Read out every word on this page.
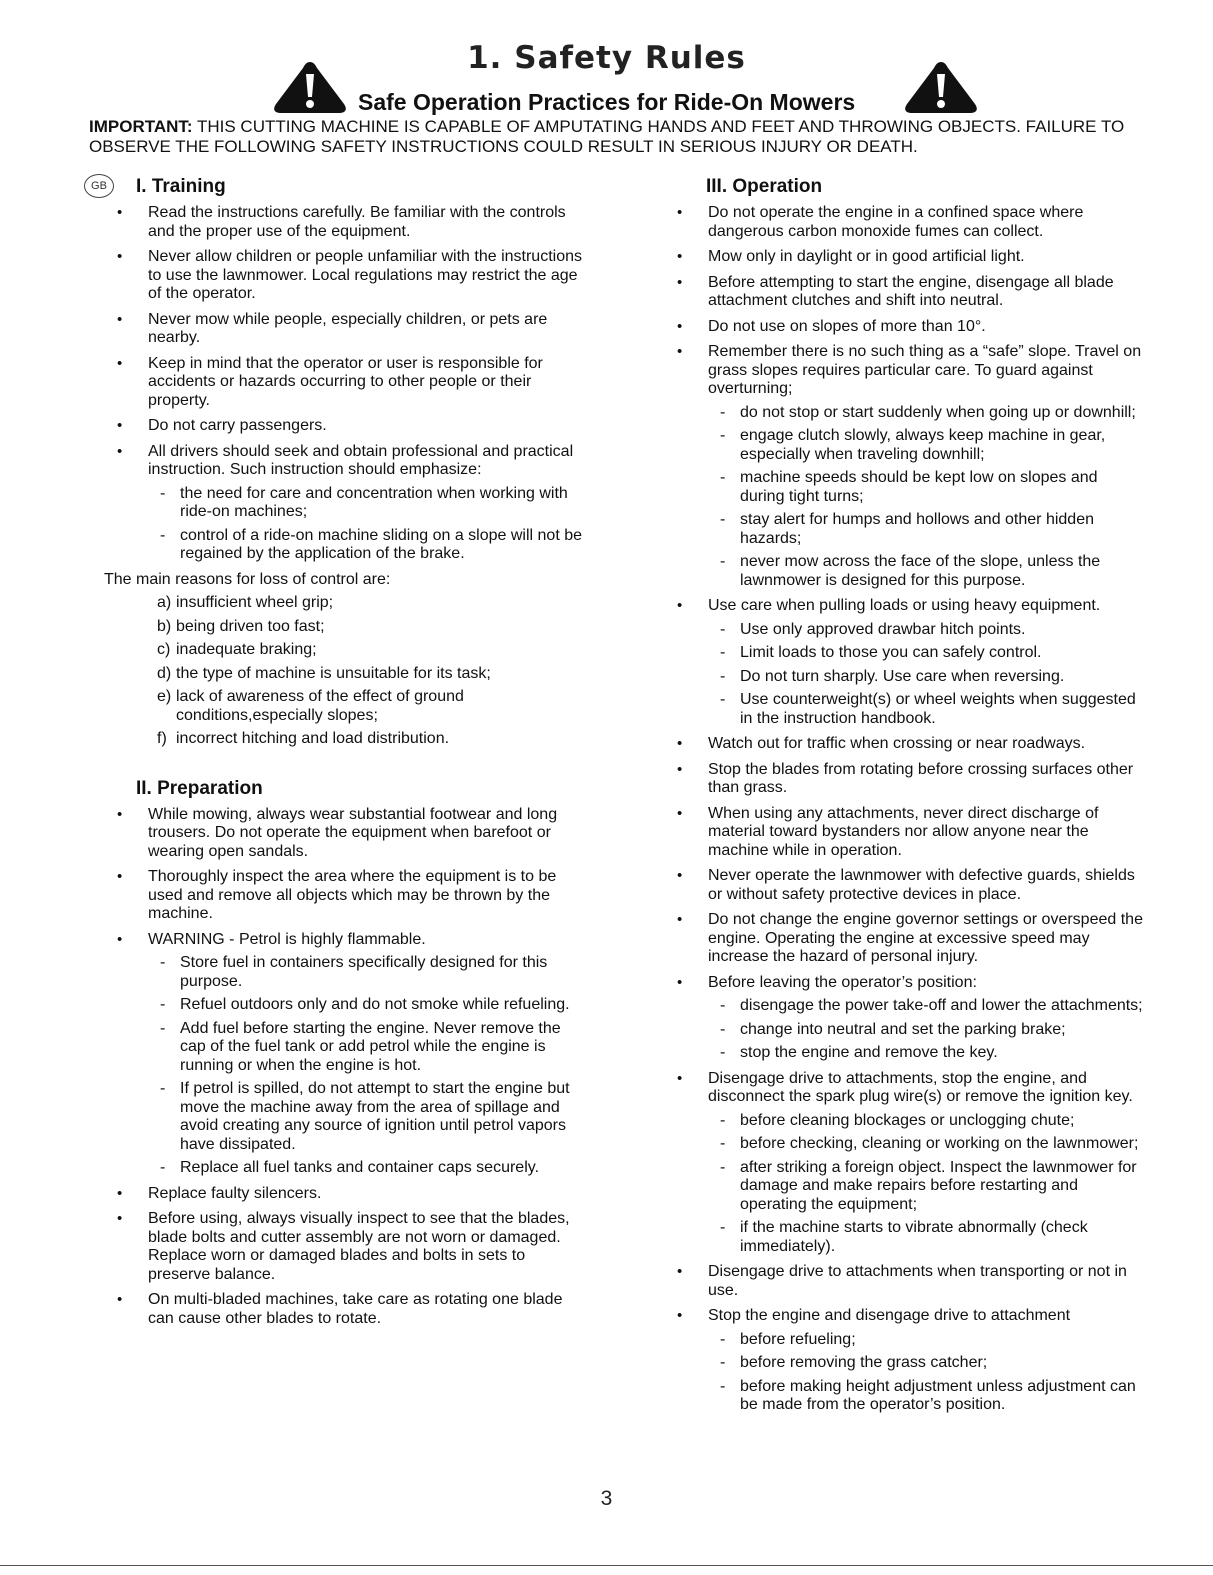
1. Safety Rules
Safe Operation Practices for Ride-On Mowers
IMPORTANT: THIS CUTTING MACHINE IS CAPABLE OF AMPUTATING HANDS AND FEET AND THROWING OBJECTS. FAILURE TO OBSERVE THE FOLLOWING SAFETY INSTRUCTIONS COULD RESULT IN SERIOUS INJURY OR DEATH.
GB	I. Training
• Read the instructions carefully. Be familiar with the controls and the proper use of the equipment.
• Never allow children or people unfamiliar with the instructions to use the lawnmower. Local regulations may restrict the age of the operator.
• Never mow while people, especially children, or pets are nearby.
• Keep in mind that the operator or user is responsible for accidents or hazards occurring to other people or their property.
• Do not carry passengers.
• All drivers should seek and obtain professional and practical instruction. Such instruction should emphasize:
- the need for care and concentration when working with ride-on machines;
- control of a ride-on machine sliding on a slope will not be regained by the application of the brake.
The main reasons for loss of control are:
a) insufficient wheel grip;
b) being driven too fast;
c) inadequate braking;
d) the type of machine is unsuitable for its task;
e) lack of awareness of the effect of ground conditions,especially slopes;
f) incorrect hitching and load distribution.
II. Preparation
• While mowing, always wear substantial footwear and long trousers. Do not operate the equipment when barefoot or wearing open sandals.
• Thoroughly inspect the area where the equipment is to be used and remove all objects which may be thrown by the machine.
• WARNING - Petrol is highly flammable.
- Store fuel in containers specifically designed for this purpose.
- Refuel outdoors only and do not smoke while refueling.
- Add fuel before starting the engine. Never remove the cap of the fuel tank or add petrol while the engine is running or when the engine is hot.
- If petrol is spilled, do not attempt to start the engine but move the machine away from the area of spillage and avoid creating any source of ignition until petrol vapors have dissipated.
- Replace all fuel tanks and container caps securely.
• Replace faulty silencers.
• Before using, always visually inspect to see that the blades, blade bolts and cutter assembly are not worn or damaged. Replace worn or damaged blades and bolts in sets to preserve balance.
• On multi-bladed machines, take care as rotating one blade can cause other blades to rotate.
III. Operation
• Do not operate the engine in a confined space where dangerous carbon monoxide fumes can collect.
• Mow only in daylight or in good artificial light.
• Before attempting to start the engine, disengage all blade attachment clutches and shift into neutral.
• Do not use on slopes of more than 10°.
• Remember there is no such thing as a “safe” slope. Travel on grass slopes requires particular care. To guard against overturning;
- do not stop or start suddenly when going up or downhill;
- engage clutch slowly, always keep machine in gear, especially when traveling downhill;
- machine speeds should be kept low on slopes and during tight turns;
- stay alert for humps and hollows and other hidden hazards;
- never mow across the face of the slope, unless the lawnmower is designed for this purpose.
• Use care when pulling loads or using heavy equipment.
- Use only approved drawbar hitch points.
- Limit loads to those you can safely control.
- Do not turn sharply. Use care when reversing.
- Use counterweight(s) or wheel weights when suggested in the instruction handbook.
• Watch out for traffic when crossing or near roadways.
• Stop the blades from rotating before crossing surfaces other than grass.
• When using any attachments, never direct discharge of material toward bystanders nor allow anyone near the machine while in operation.
• Never operate the lawnmower with defective guards, shields or without safety protective devices in place.
• Do not change the engine governor settings or overspeed the engine. Operating the engine at excessive speed may increase the hazard of personal injury.
• Before leaving the operator’s position:
- disengage the power take-off and lower the attachments;
- change into neutral and set the parking brake;
- stop the engine and remove the key.
• Disengage drive to attachments, stop the engine, and disconnect the spark plug wire(s) or remove the ignition key.
- before cleaning blockages or unclogging chute;
- before checking, cleaning or working on the lawnmower;
- after striking a foreign object. Inspect the lawnmower for damage and make repairs before restarting and operating the equipment;
- if the machine starts to vibrate abnormally (check immediately).
• Disengage drive to attachments when transporting or not in use.
• Stop the engine and disengage drive to attachment
- before refueling;
- before removing the grass catcher;
- before making height adjustment unless adjustment can be made from the operator’s position.
3
